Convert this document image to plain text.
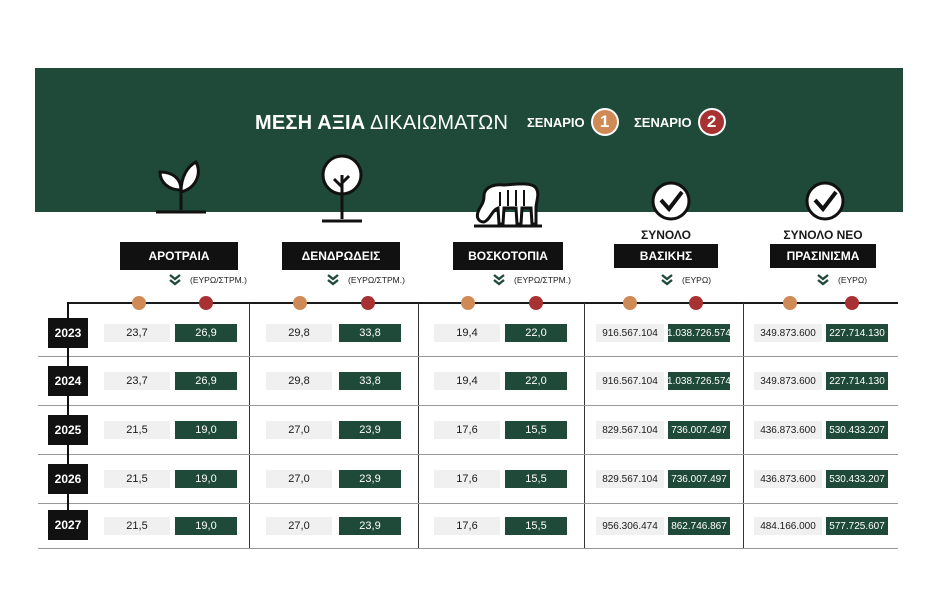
ΜΕΣΗ ΑΞΙΑ ΔΙΚΑΙΩΜΑΤΩΝ ΣΕΝΑΡΙΟ 1	ΣΕΝΑΡΙΟ 2
ΑΡΟΤΡΑΙΑ	ΔΕΝΔΡΩΔΕΙΣ	ΒΟΣΚΟΤΟΠΙΑ
ΣΥΝΟΛΟ
ΒΑΣΙΚΗΣ
ΣΥΝΟΛΟ ΝΕΟ
ΠΡΑΣΙΝΙΣΜΑ
(ΕΥΡΩ/ΣΤΡΜ.)	(ΕΥΡΩ/ΣΤΡΜ.)	(ΕΥΡΩ/ΣΤΡΜ.)	(ΕΥΡΩ)	(ΕΥΡΩ)
2023	23,7	26,9	29,8	33,8	19,4	22,0	916.567.104 1.038.726.574	349.873.600	227.714.130
2024	23,7	26,9	29,8	33,8	19,4	22,0	916.567.104 1.038.726.574	349.873.600	227.714.130
2025	21,5	19,0	27,0	23,9	17,6	15,5	829.567.104	736.007.497	436.873.600	530.433.207
2026	21,5	19,0	27,0	23,9	17,6	15,5	829.567.104	736.007.497	436.873.600	530.433.207
2027	21,5	19,0	27,0	23,9	17,6	15,5	956.306.474	862.746.867	484.166.000	577.725.607
